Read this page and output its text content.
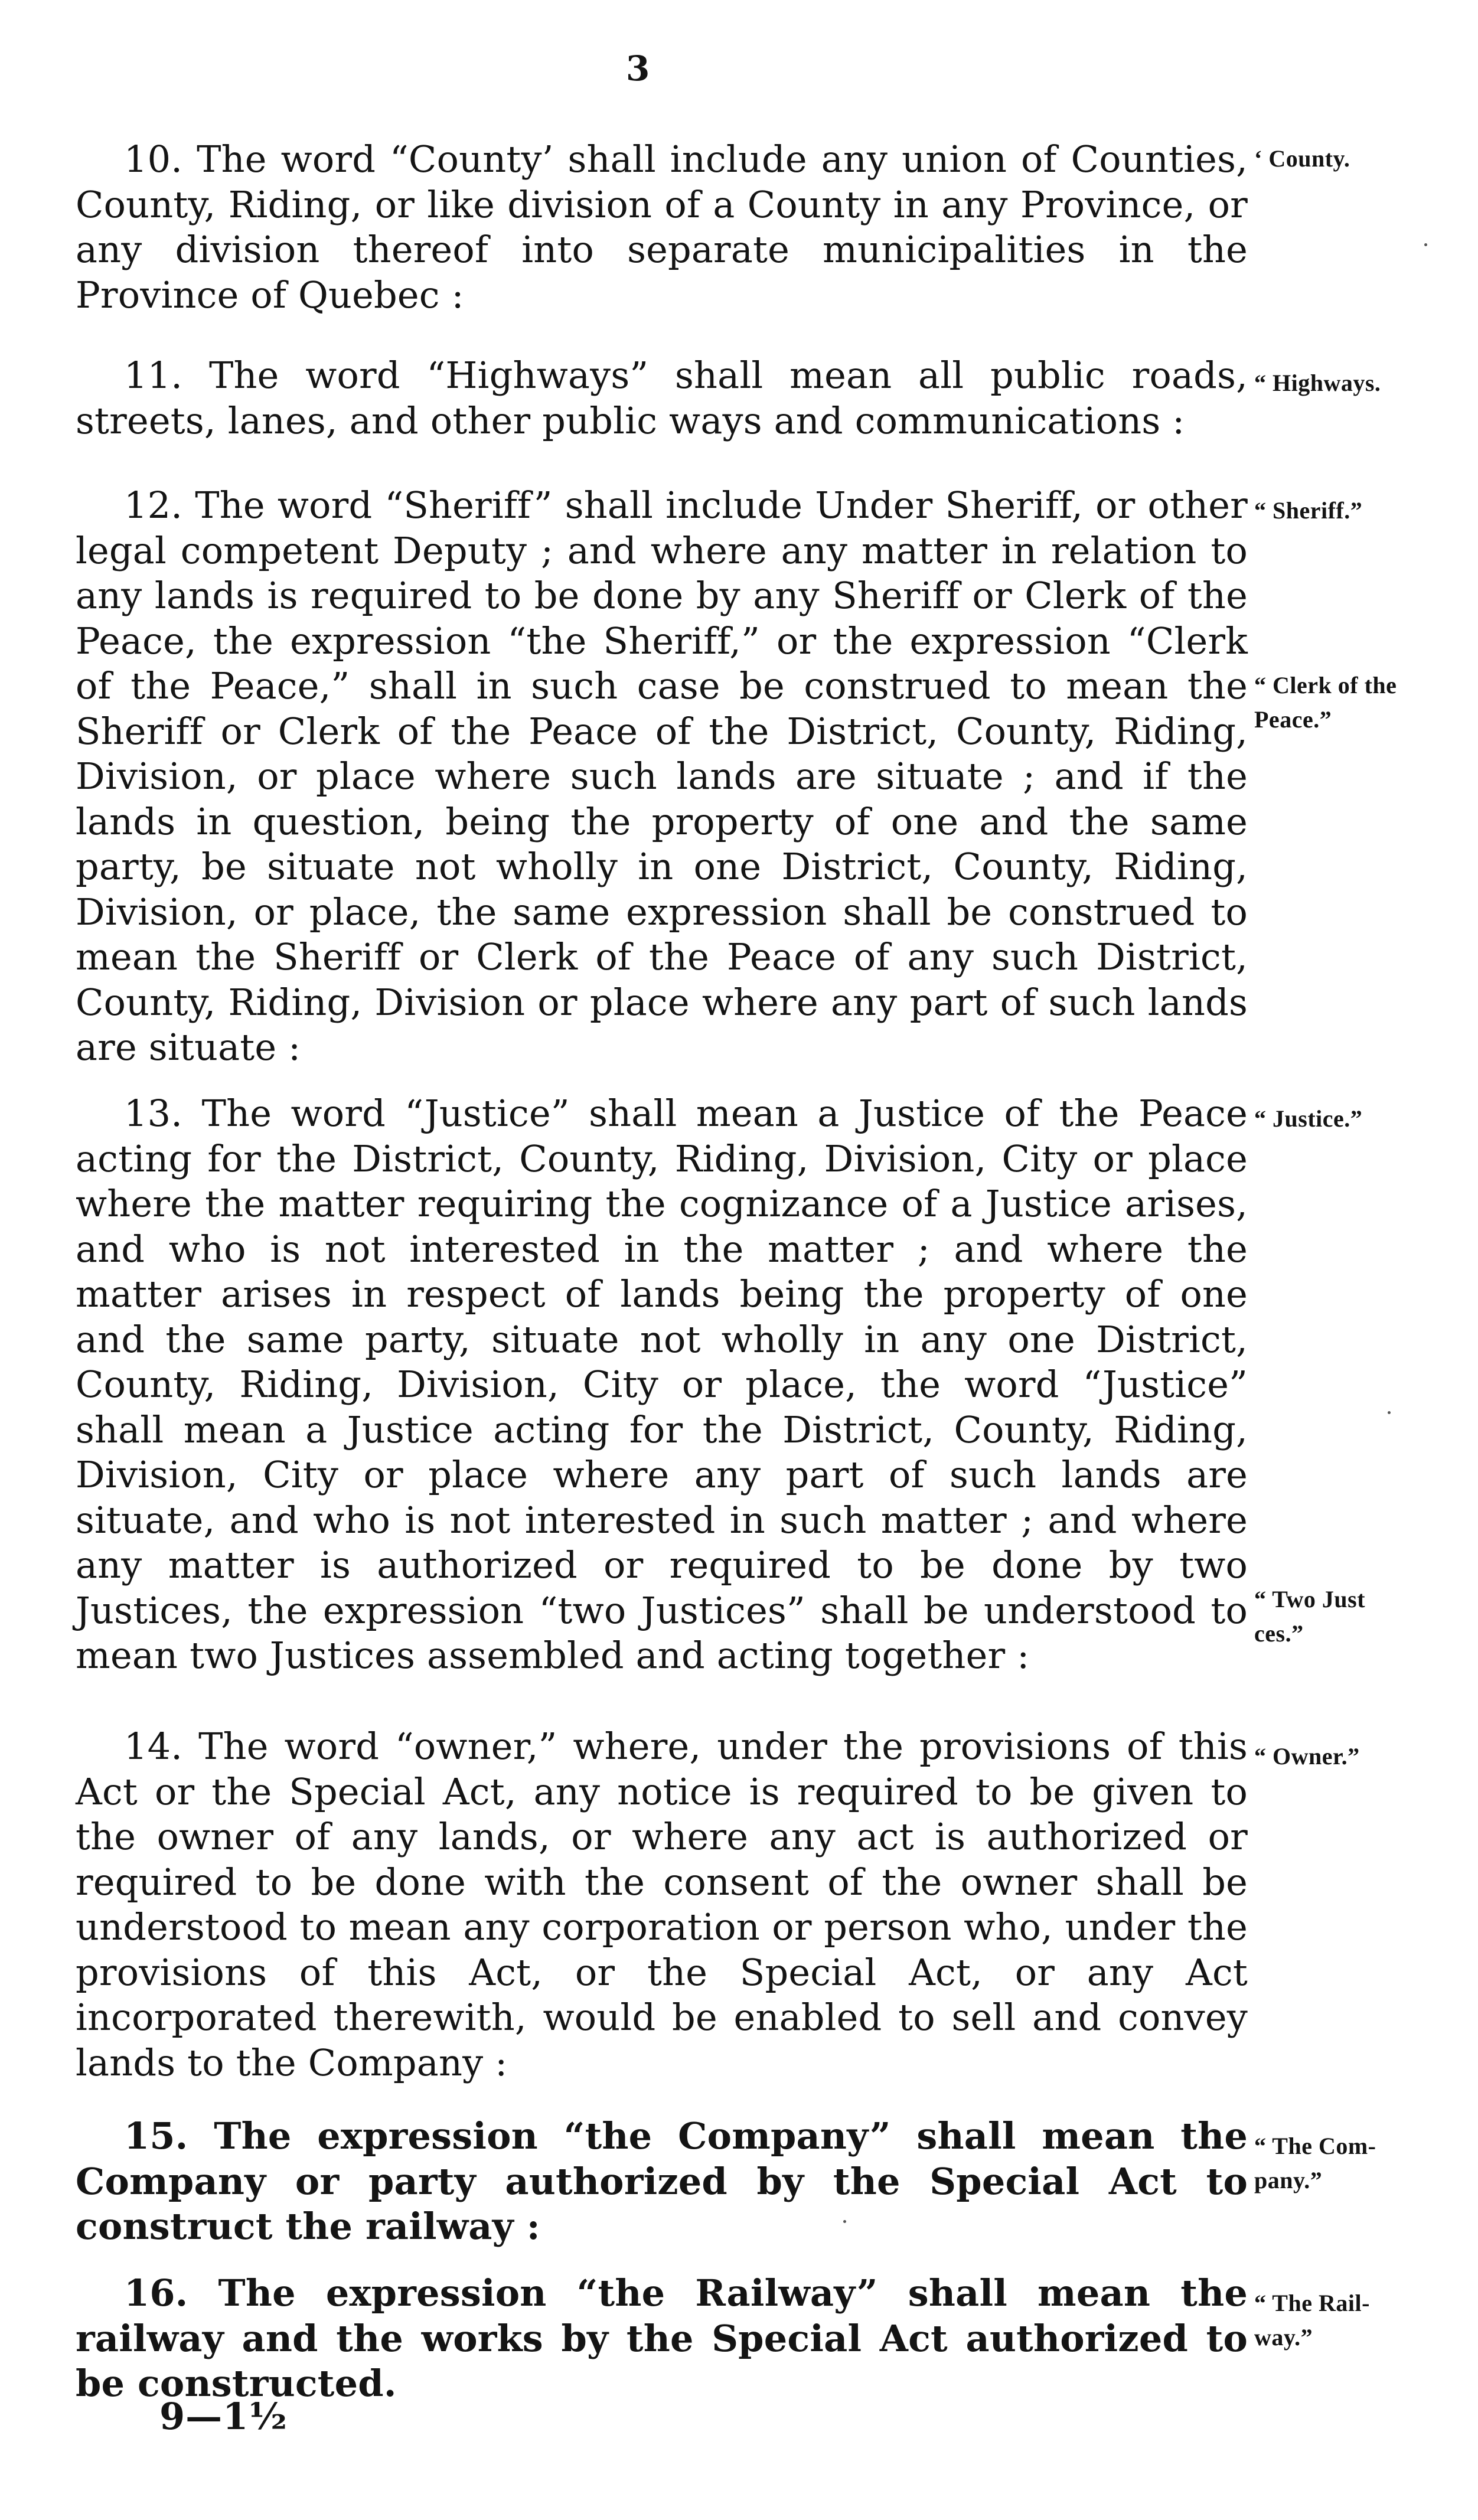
3

10. The word “County’ shall include any union of Counties, County, Riding, or like division of a County in any Province, or any division thereof into separate municipalities in the Province of Quebec :

‘ County.

11. The word “Highways” shall mean all public roads, streets, lanes, and other public ways and communications :

“ Highways.

12. The word “Sheriff” shall include Under Sheriff, or other legal competent Deputy ; and where any matter in relation to any lands is required to be done by any Sheriff or Clerk of the Peace, the expression “the Sheriff,” or the expression “Clerk of the Peace,” shall in such case be construed to mean the Sheriff or Clerk of the Peace of the District, County, Riding, Division, or place where such lands are situate ; and if the lands in question, being the property of one and the same party, be situate not wholly in one District, County, Riding, Division, or place, the same expression shall be construed to mean the Sheriff or Clerk of the Peace of any such District, County, Riding, Division or place where any part of such lands are situate :

“ Sheriff.”
“ Clerk of the
Peace.”

13. The word “Justice” shall mean a Justice of the Peace acting for the District, County, Riding, Division, City or place where the matter requiring the cognizance of a Justice arises, and who is not interested in the matter ; and where the matter arises in respect of lands being the property of one and the same party, situate not wholly in any one District, County, Riding, Division, City or place, the word “Justice” shall mean a Justice acting for the District, County, Riding, Division, City or place where any part of such lands are situate, and who is not interested in such matter ; and where any matter is authorized or required to be done by two Justices, the expression “two Justices” shall be understood to mean two Justices assembled and acting together :

“ Justice.”
“ Two Just
ces.”

14. The word “owner,” where, under the provisions of this Act or the Special Act, any notice is required to be given to the owner of any lands, or where any act is authorized or required to be done with the consent of the owner shall be understood to mean any corporation or person who, under the provisions of this Act, or the Special Act, or any Act incorporated therewith, would be enabled to sell and convey lands to the Company :

“ Owner.”

15. The expression “the Company” shall mean the Company or party authorized by the Special Act to construct the railway :

“ The Com-
pany.”

16. The expression “the Railway” shall mean the railway and the works by the Special Act authorized to be constructed.

“ The Rail-
way.”
9—1½
